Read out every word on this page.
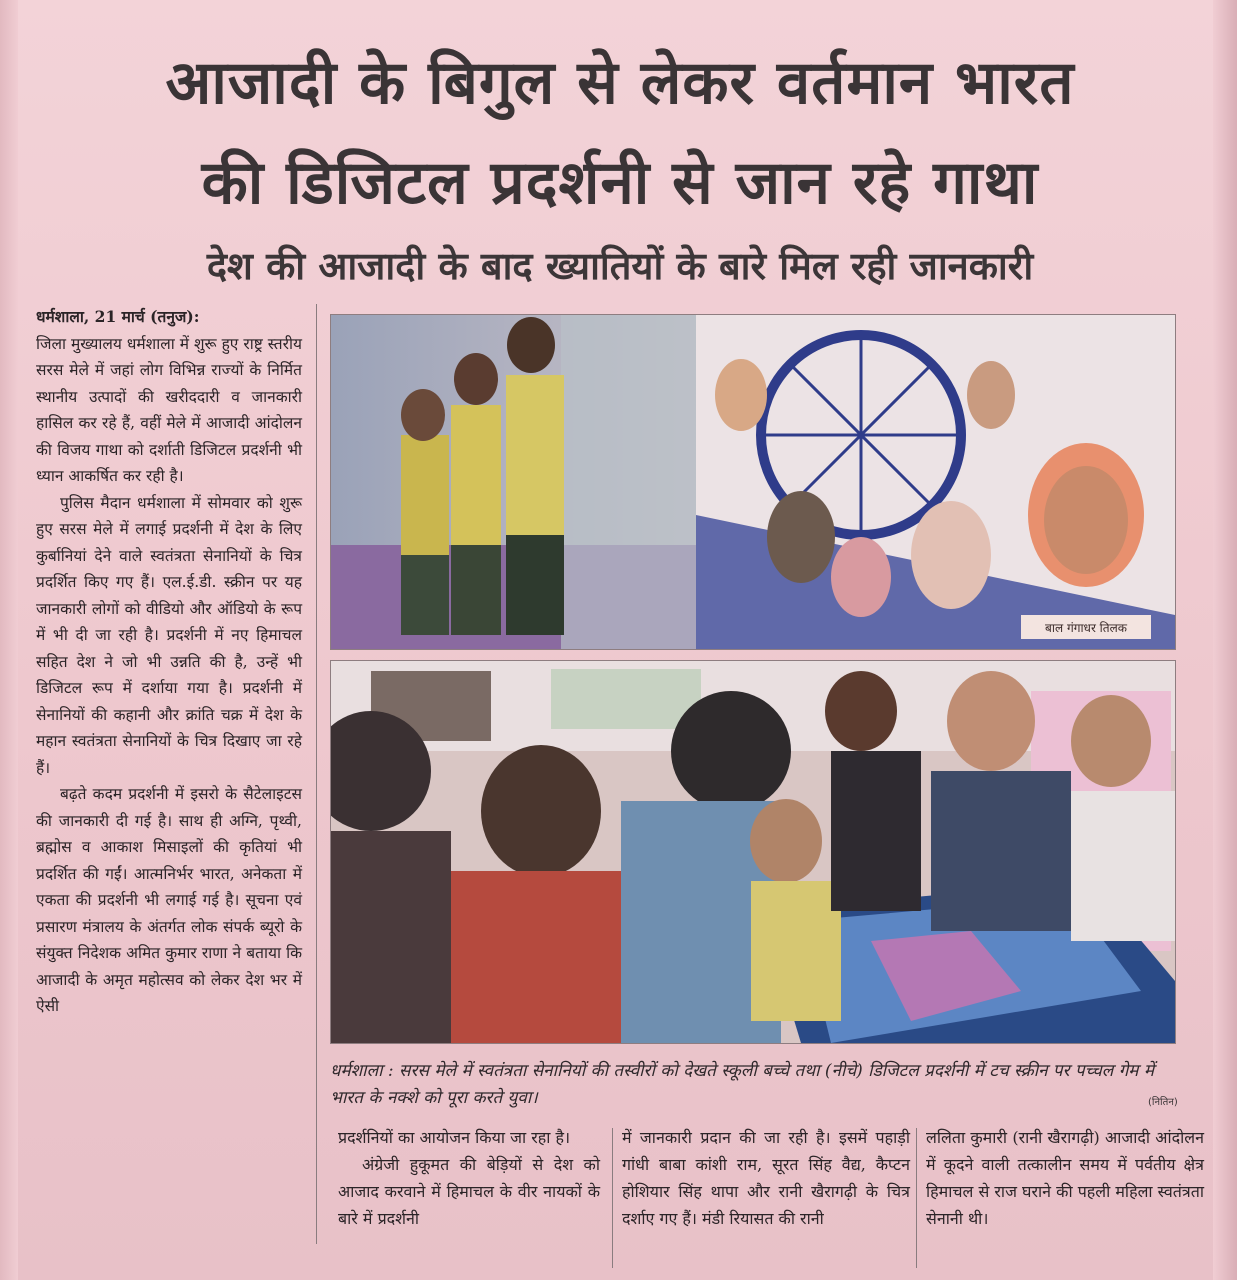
आजादी के बिगुल से लेकर वर्तमान भारत
की डिजिटल प्रदर्शनी से जान रहे गाथा
देश की आजादी के बाद ख्यातियों के बारे मिल रही जानकारी

धर्मशाला, 21 मार्च (तनुज):

जिला मुख्यालय धर्मशाला में शुरू हुए राष्ट्र स्तरीय सरस मेले में जहां लोग विभिन्न राज्यों के निर्मित स्थानीय उत्पादों की खरीददारी व जानकारी हासिल कर रहे हैं, वहीं मेले में आजादी आंदोलन की विजय गाथा को दर्शाती डिजिटल प्रदर्शनी भी ध्यान आकर्षित कर रही है।

पुलिस मैदान धर्मशाला में सोमवार को शुरू हुए सरस मेले में लगाई प्रदर्शनी में देश के लिए कुर्बानियां देने वाले स्वतंत्रता सेनानियों के चित्र प्रदर्शित किए गए हैं। एल.ई.डी. स्क्रीन पर यह जानकारी लोगों को वीडियो और ऑडियो के रूप में भी दी जा रही है। प्रदर्शनी में नए हिमाचल सहित देश ने जो भी उन्नति की है, उन्हें भी डिजिटल रूप में दर्शाया गया है। प्रदर्शनी में सेनानियों की कहानी और क्रांति चक्र में देश के महान स्वतंत्रता सेनानियों के चित्र दिखाए जा रहे हैं।

बढ़ते कदम प्रदर्शनी में इसरो के सैटेलाइटस की जानकारी दी गई है। साथ ही अग्नि, पृथ्वी, ब्रह्मोस व आकाश मिसाइलों की कृतियां भी प्रदर्शित की गईं। आत्मनिर्भर भारत, अनेकता में एकता की प्रदर्शनी भी लगाई गई है। सूचना एवं प्रसारण मंत्रालय के अंतर्गत लोक संपर्क ब्यूरो के संयुक्त निदेशक अमित कुमार राणा ने बताया कि आजादी के अमृत महोत्सव को लेकर देश भर में ऐसी

बाल गंगाधर तिलक
धर्मशाला : सरस मेले में स्वतंत्रता सेनानियों की तस्वीरों को देखते स्कूली बच्चे तथा (नीचे) डिजिटल प्रदर्शनी में टच स्क्रीन पर पच्चल गेम में भारत के नक्शे को पूरा करते युवा।	(नितिन)

प्रदर्शनियों का आयोजन किया जा रहा है।

अंग्रेजी हुकूमत की बेड़ियों से देश को आजाद करवाने में हिमाचल के वीर नायकों के बारे में प्रदर्शनी

में जानकारी प्रदान की जा रही है। इसमें पहाड़ी गांधी बाबा कांशी राम, सूरत सिंह वैद्य, कैप्टन होशियार सिंह थापा और रानी खैरागढ़ी के चित्र दर्शाए गए हैं। मंडी रियासत की रानी
ललिता कुमारी (रानी खैरागढ़ी) आजादी आंदोलन में कूदने वाली तत्कालीन समय में पर्वतीय क्षेत्र हिमाचल से राज घराने की पहली महिला स्वतंत्रता सेनानी थी।
